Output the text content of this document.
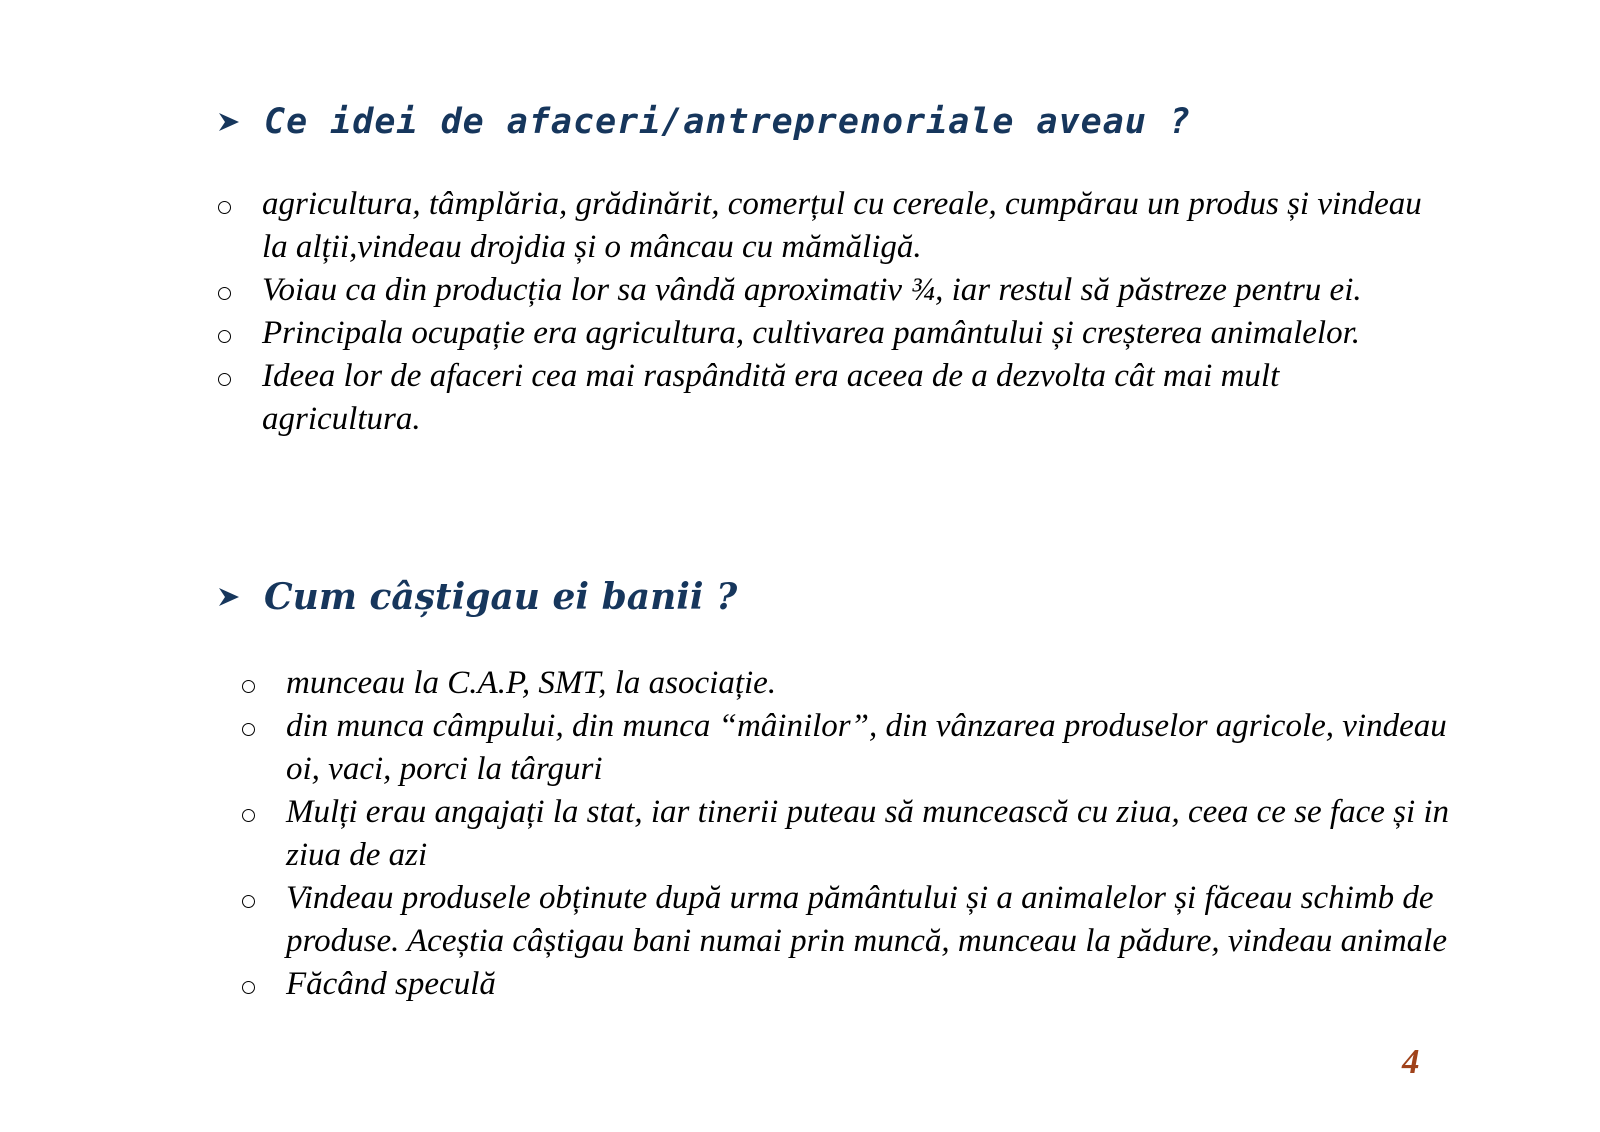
Ce idei de afaceri/antreprenoriale aveau ?
agricultura, tâmplăria, grădinărit, comerțul cu cereale, cumpărau un produs și vindeau la alții,vindeau drojdia și o mâncau cu mămăligă.
Voiau ca din producția lor sa vândă aproximativ ¾, iar restul să păstreze pentru ei.
Principala ocupație era agricultura, cultivarea pamântului și creșterea animalelor.
Ideea lor de afaceri cea mai raspândită era aceea de a dezvolta cât mai mult agricultura.
Cum câștigau ei banii ?
munceau la C.A.P, SMT, la asociație.
din munca câmpului, din munca “mâinilor”, din vânzarea produselor agricole, vindeau oi, vaci, porci la târguri
Mulți erau angajați la stat, iar tinerii puteau să muncească cu ziua, ceea ce se face și in ziua de azi
Vindeau produsele obținute după urma pământului și a animalelor și făceau schimb de produse. Aceștia câștigau bani numai prin muncă, munceau la pădure, vindeau animale
Făcând speculă
4
